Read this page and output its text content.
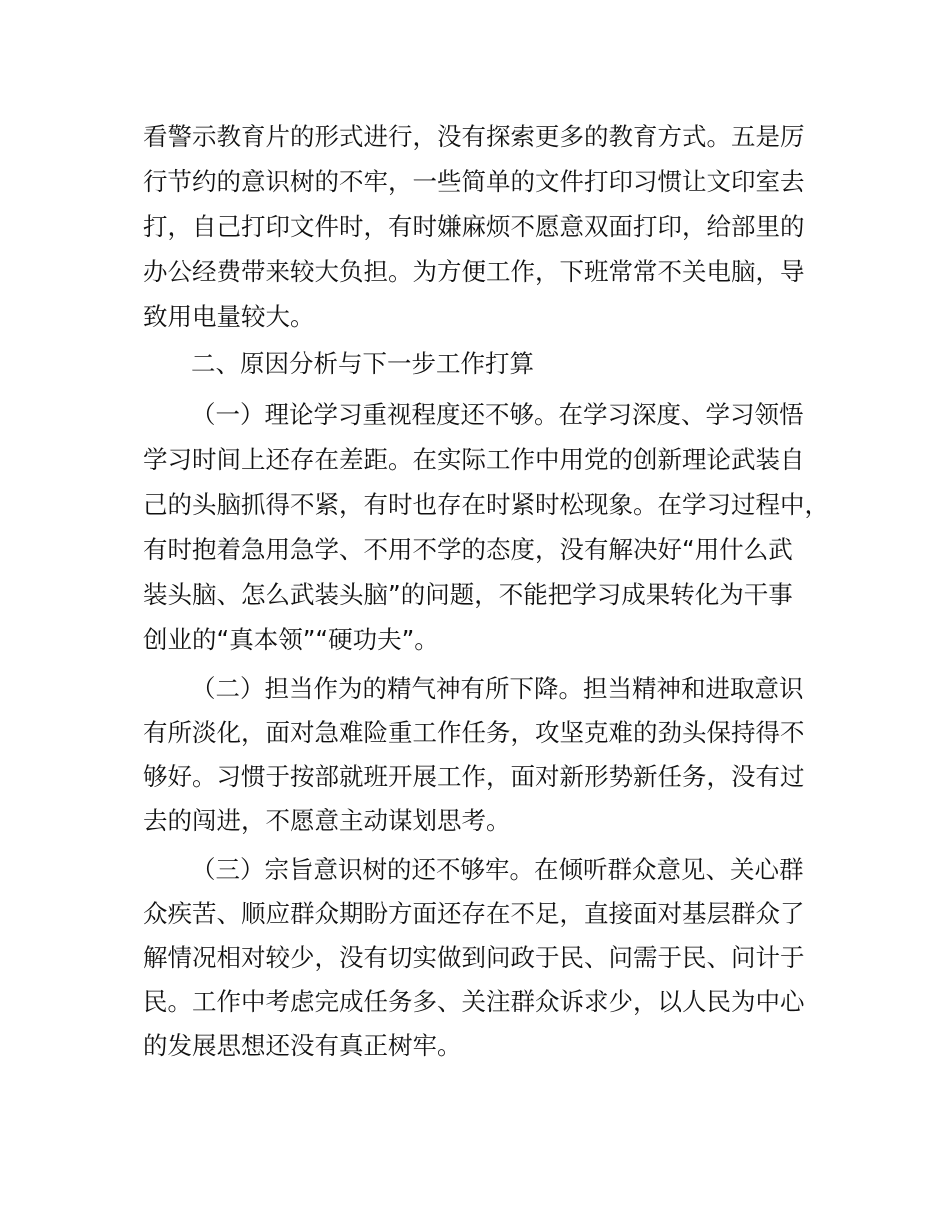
看警示教育片的形式进行，没有探索更多的教育方式。五是厉
行节约的意识树的不牢，一些简单的文件打印习惯让文印室去
打，自己打印文件时，有时嫌麻烦不愿意双面打印，给部里的
办公经费带来较大负担。为方便工作，下班常常不关电脑，导
致用电量较大。
二、原因分析与下一步工作打算
（一）理论学习重视程度还不够。在学习深度、学习领悟
学习时间上还存在差距。在实际工作中用党的创新理论武装自
己的头脑抓得不紧，有时也存在时紧时松现象。在学习过程中，
有时抱着急用急学、不用不学的态度，没有解决好“用什么武
装头脑、怎么武装头脑”的问题，不能把学习成果转化为干事
创业的“真本领”“硬功夫”。
（二）担当作为的精气神有所下降。担当精神和进取意识
有所淡化，面对急难险重工作任务，攻坚克难的劲头保持得不
够好。习惯于按部就班开展工作，面对新形势新任务，没有过
去的闯进，不愿意主动谋划思考。
（三）宗旨意识树的还不够牢。在倾听群众意见、关心群
众疾苦、顺应群众期盼方面还存在不足，直接面对基层群众了
解情况相对较少，没有切实做到问政于民、问需于民、问计于
民。工作中考虑完成任务多、关注群众诉求少，以人民为中心
的发展思想还没有真正树牢。
